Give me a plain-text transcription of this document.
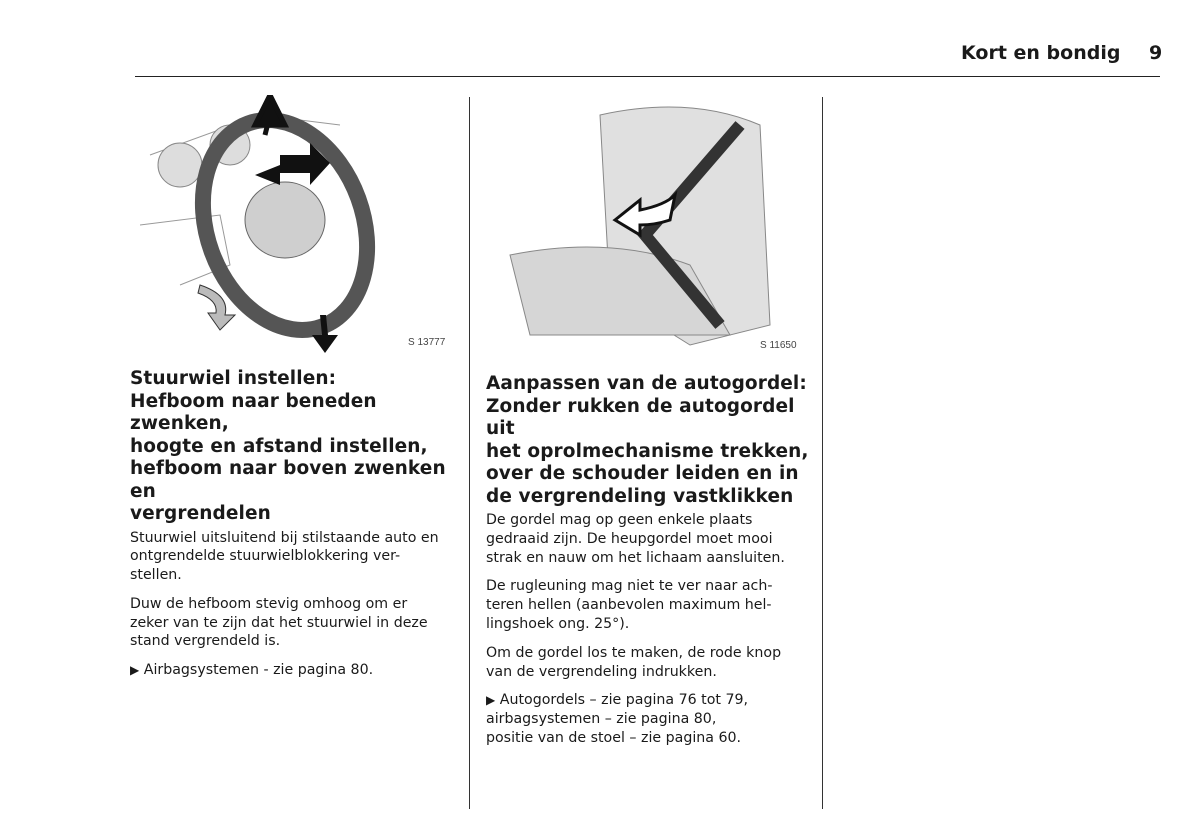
Kort en bondig 9
S 13777	S 11650
Stuurwiel instellen:
Hefboom naar beneden zwenken,
hoogte en afstand instellen,
hefboom naar boven zwenken en
vergrendelen

Stuurwiel uitsluitend bij stilstaande auto en
ontgrendelde stuurwielblokkering ver-
stellen.

Duw de hefboom stevig omhoog om er
zeker van te zijn dat het stuurwiel in deze
stand vergrendeld is.

▶ Airbagsystemen - zie pagina 80.

Aanpassen van de autogordel:
Zonder rukken de autogordel uit
het oprolmechanisme trekken,
over de schouder leiden en in
de vergrendeling vastklikken

De gordel mag op geen enkele plaats
gedraaid zijn. De heupgordel moet mooi
strak en nauw om het lichaam aansluiten.

De rugleuning mag niet te ver naar ach-
teren hellen (aanbevolen maximum hel-
lingshoek ong. 25°).

Om de gordel los te maken, de rode knop
van de vergrendeling indrukken.

▶ Autogordels – zie pagina 76 tot 79,
airbagsystemen – zie pagina 80,
positie van de stoel – zie pagina 60.
